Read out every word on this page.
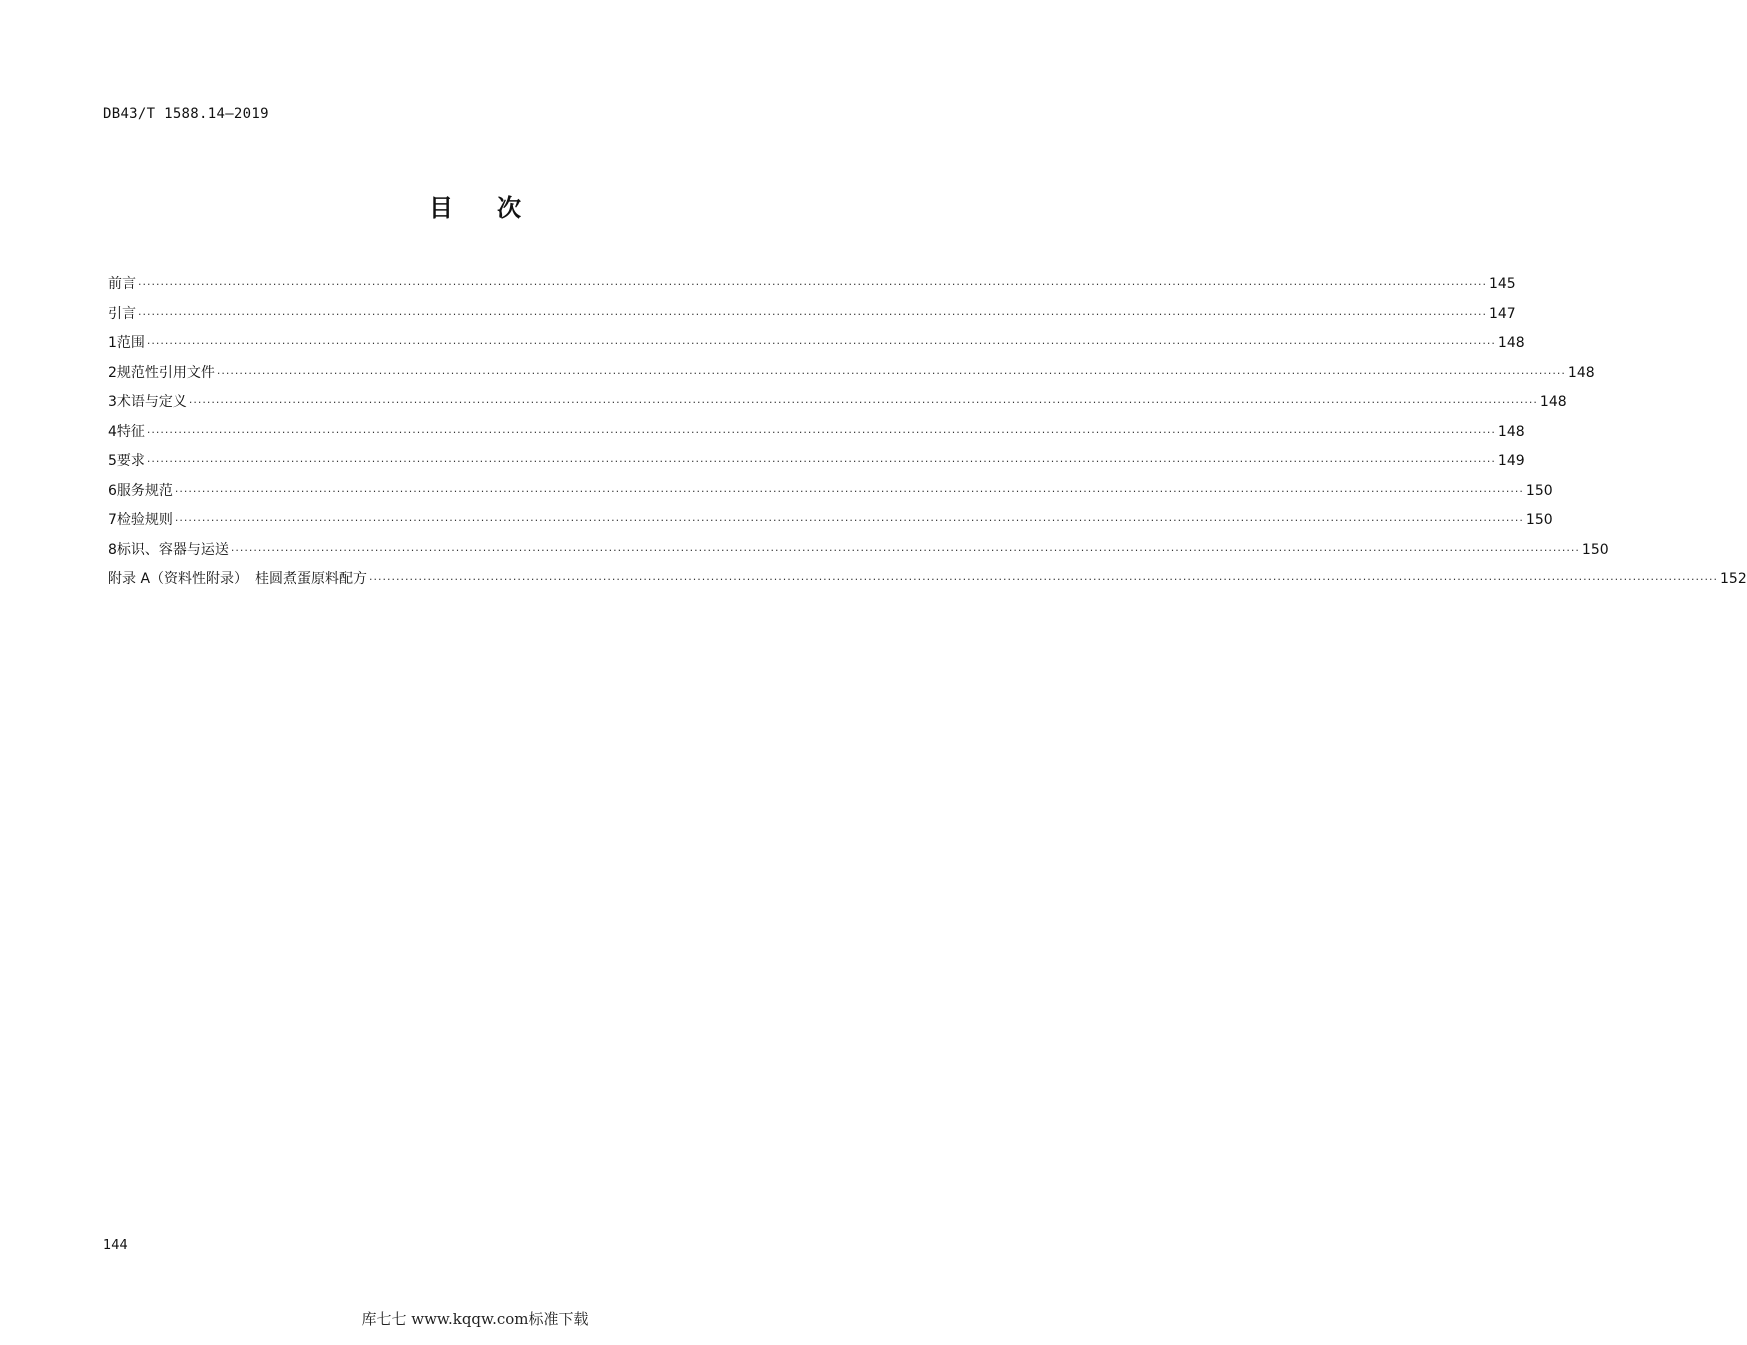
DB43/T 1588.14—2019
目 次
前言 ············································································································································································································································································································ 145
引言 ············································································································································································································································································································ 147
1 范围 ············································································································································································································································································································ 148
2 规范性引用文件 ············································································································································································································································································································ 148
3 术语与定义 ············································································································································································································································································································ 148
4 特征 ············································································································································································································································································································ 148
5 要求 ············································································································································································································································································································ 149
6 服务规范 ············································································································································································································································································································ 150
7 检验规则 ············································································································································································································································································································ 150
8 标识、容器与运送 ············································································································································································································································································································ 150
附录 A（资料性附录）　桂圆煮蛋原料配方 ············································································································································································································································································································ 152
144
库七七 www.kqqw.com标准下载
